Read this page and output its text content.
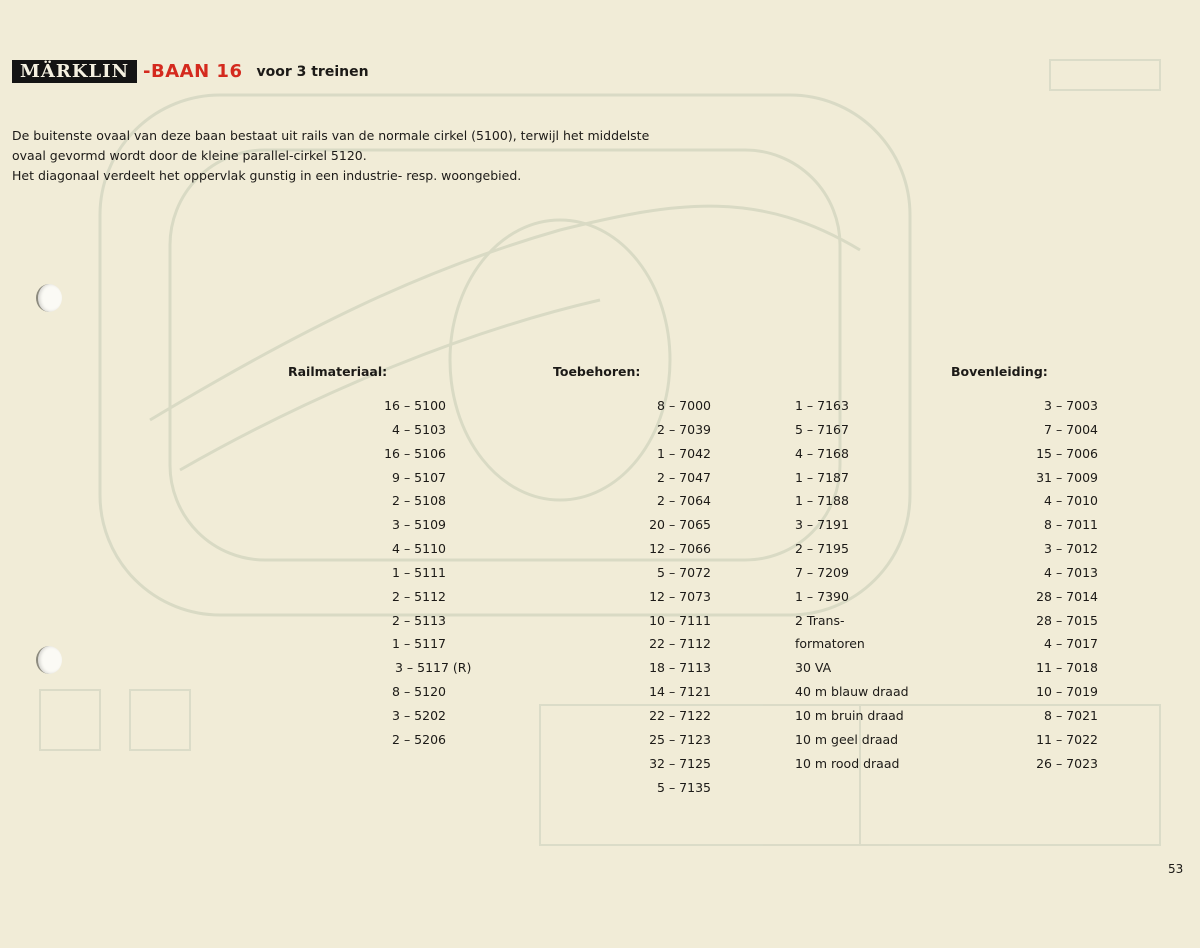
MÄRKLIN -BAAN 16 voor 3 treinen

De buitenste ovaal van deze baan bestaat uit rails van de normale cirkel (5100), terwijl het middelste

ovaal gevormd wordt door de kleine parallel-cirkel 5120.

Het diagonaal verdeelt het oppervlak gunstig in een industrie- resp. woongebied.

Railmateriaal:
16 – 5100
4 – 5103
16 – 5106
9 – 5107
2 – 5108
3 – 5109
4 – 5110
1 – 5111
2 – 5112
2 – 5113
1 – 5117
3 – 5117 (R)
8 – 5120
3 – 5202
2 – 5206
Toebehoren:
8 – 7000
2 – 7039
1 – 7042
2 – 7047
2 – 7064
20 – 7065
12 – 7066
5 – 7072
12 – 7073
10 – 7111
22 – 7112
18 – 7113
14 – 7121
22 – 7122
25 – 7123
32 – 7125
5 – 7135
1 – 7163
5 – 7167
4 – 7168
1 – 7187
1 – 7188
3 – 7191
2 – 7195
7 – 7209
1 – 7390
2 Trans-
formatoren
30 VA
40 m blauw draad
10 m bruin draad
10 m geel draad
10 m rood draad
Bovenleiding:
3 – 7003
7 – 7004
15 – 7006
31 – 7009
4 – 7010
8 – 7011
3 – 7012
4 – 7013
28 – 7014
28 – 7015
4 – 7017
11 – 7018
10 – 7019
8 – 7021
11 – 7022
26 – 7023
53
